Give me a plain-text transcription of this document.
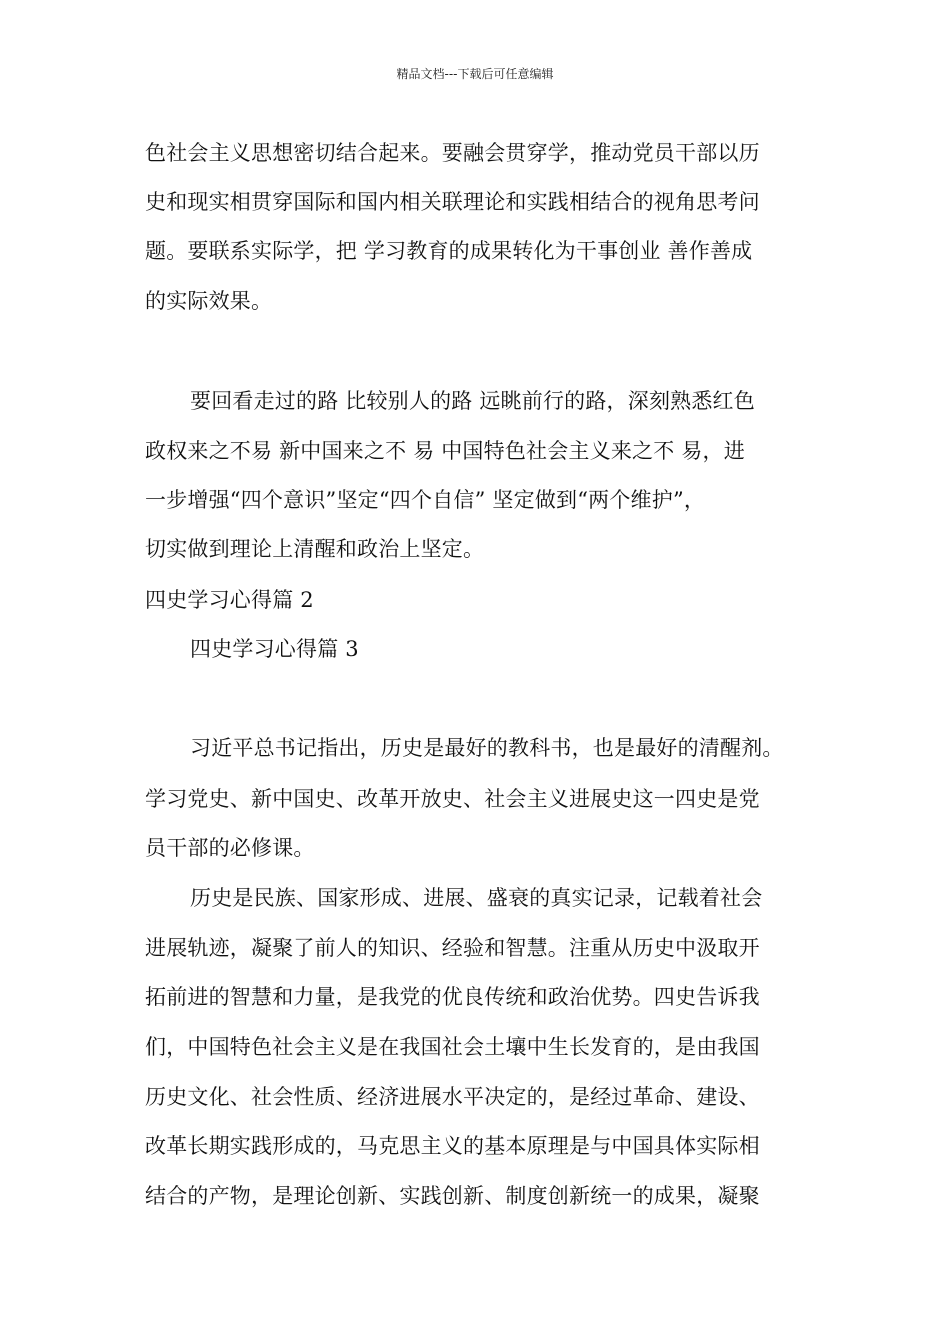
精品文档---下载后可任意编辑
色社会主义思想密切结合起来。要融会贯穿学，推动党员干部以历
史和现实相贯穿国际和国内相关联理论和实践相结合的视角思考问
题。要联系实际学，把 学习教育的成果转化为干事创业 善作善成
的实际效果。
要回看走过的路 比较别人的路 远眺前行的路，深刻熟悉红色
政权来之不易 新中国来之不 易 中国特色社会主义来之不 易，进
一步增强“四个意识”坚定“四个自信” 坚定做到“两个维护”，
切实做到理论上清醒和政治上坚定。
四史学习心得篇 2
四史学习心得篇 3
习近平总书记指出，历史是最好的教科书，也是最好的清醒剂。
学习党史、新中国史、改革开放史、社会主义进展史这一四史是党
员干部的必修课。
历史是民族、国家形成、进展、盛衰的真实记录，记载着社会
进展轨迹，凝聚了前人的知识、经验和智慧。注重从历史中汲取开
拓前进的智慧和力量，是我党的优良传统和政治优势。四史告诉我
们，中国特色社会主义是在我国社会土壤中生长发育的，是由我国
历史文化、社会性质、经济进展水平决定的，是经过革命、建设、
改革长期实践形成的，马克思主义的基本原理是与中国具体实际相
结合的产物，是理论创新、实践创新、制度创新统一的成果，凝聚
